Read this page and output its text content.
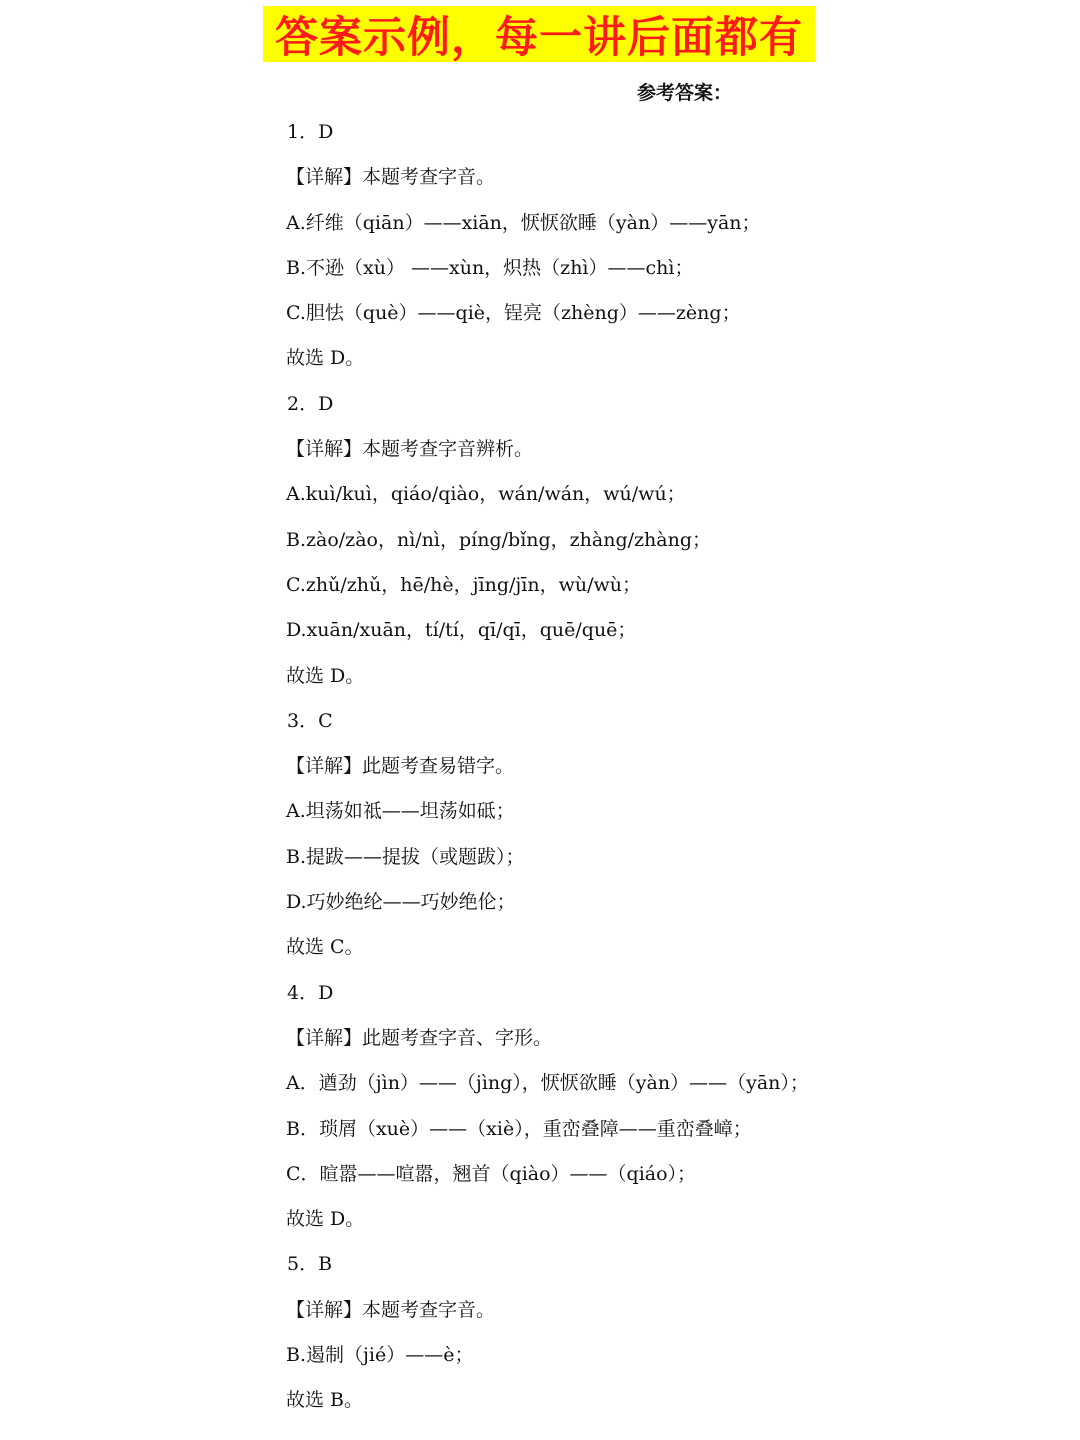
答案示例，每一讲后面都有
参考答案：
1．D
【详解】本题考查字音。
A.纤维（qiān）——xiān，恹恹欲睡（yàn）——yān；
B.不逊（xù） ——xùn，炽热（zhì）——chì；
C.胆怯（què）——qiè，锃亮（zhèng）——zèng；
故选 D。
2．D
【详解】本题考查字音辨析。
A.kuì/kuì，qiáo/qiào，wán/wán，wú/wú；
B.zào/zào，nì/nì，píng/bǐng，zhàng/zhàng；
C.zhǔ/zhǔ，hē/hè，jīng/jīn，wù/wù；
D.xuān/xuān，tí/tí，qī/qī，quē/quē；
故选 D。
3．C
【详解】此题考查易错字。
A.坦荡如祗——坦荡如砥；
B.提跋——提拔（或题跋）；
D.巧妙绝纶——巧妙绝伦；
故选 C。
4．D
【详解】此题考查字音、字形。
A．遒劲（jìn）——（jìng），恹恹欲睡（yàn）——（yān）；
B．琐屑（xuè）——（xiè），重峦叠障——重峦叠嶂；
C．暄嚣——喧嚣，翘首（qiào）——（qiáo）；
故选 D。
5．B
【详解】本题考查字音。
B.遏制（jié）——è；
故选 B。
